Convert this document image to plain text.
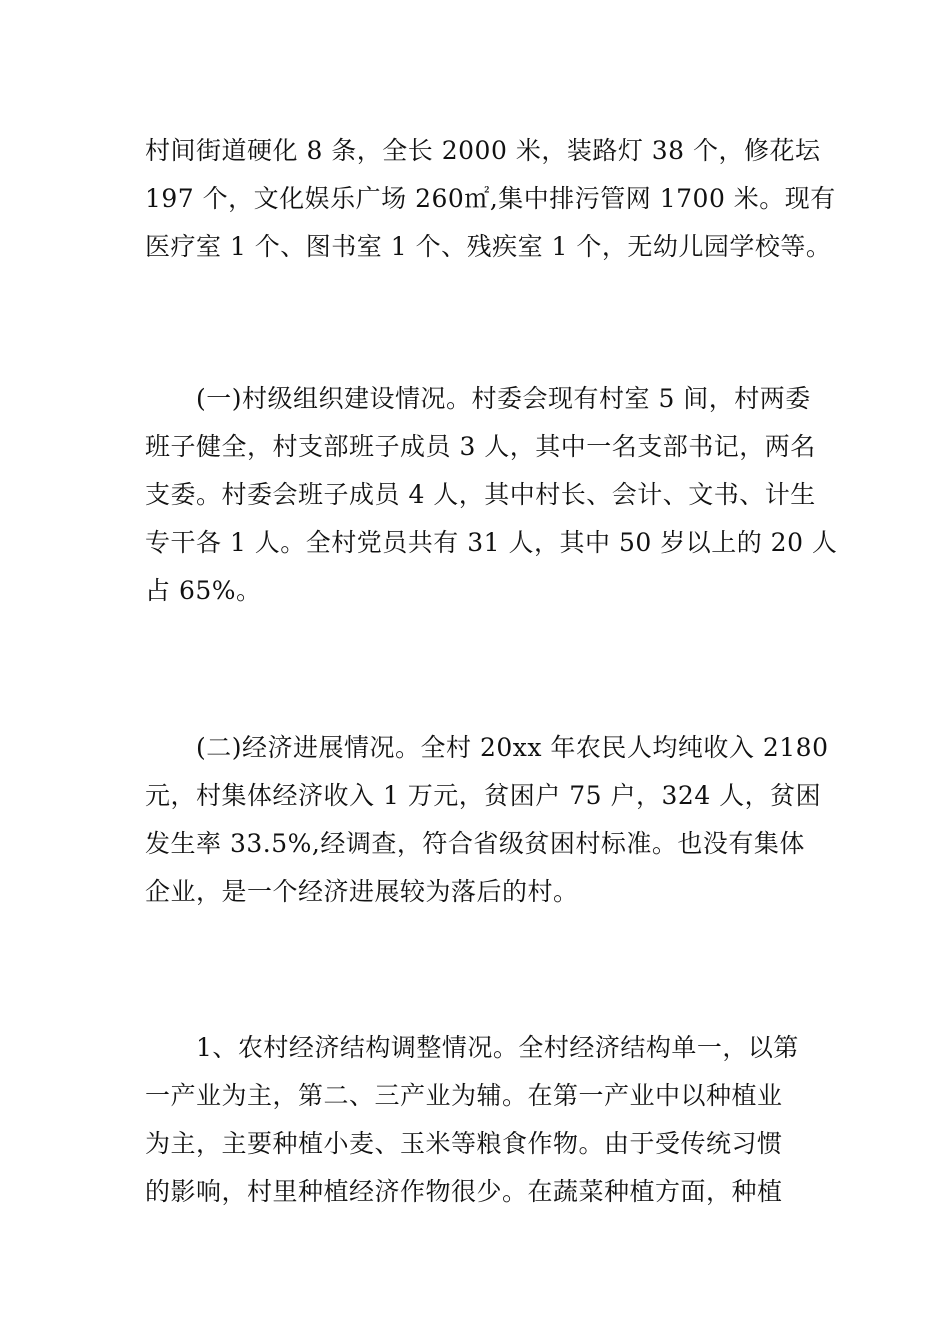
村间街道硬化 8 条，全长 2000 米，装路灯 38 个，修花坛
197 个，文化娱乐广场 260㎡,集中排污管网 1700 米。现有
医疗室 1 个、图书室 1 个、残疾室 1 个，无幼儿园学校等。
　　(一)村级组织建设情况。村委会现有村室 5 间，村两委
班子健全，村支部班子成员 3 人，其中一名支部书记，两名
支委。村委会班子成员 4 人，其中村长、会计、文书、计生
专干各 1 人。全村党员共有 31 人，其中 50 岁以上的 20 人
占 65%。
　　(二)经济进展情况。全村 20xx 年农民人均纯收入 2180
元，村集体经济收入 1 万元，贫困户 75 户，324 人，贫困
发生率 33.5%,经调查，符合省级贫困村标准。也没有集体
企业，是一个经济进展较为落后的村。
　　1、农村经济结构调整情况。全村经济结构单一，以第
一产业为主，第二、三产业为辅。在第一产业中以种植业
为主，主要种植小麦、玉米等粮食作物。由于受传统习惯
的影响，村里种植经济作物很少。在蔬菜种植方面，种植
